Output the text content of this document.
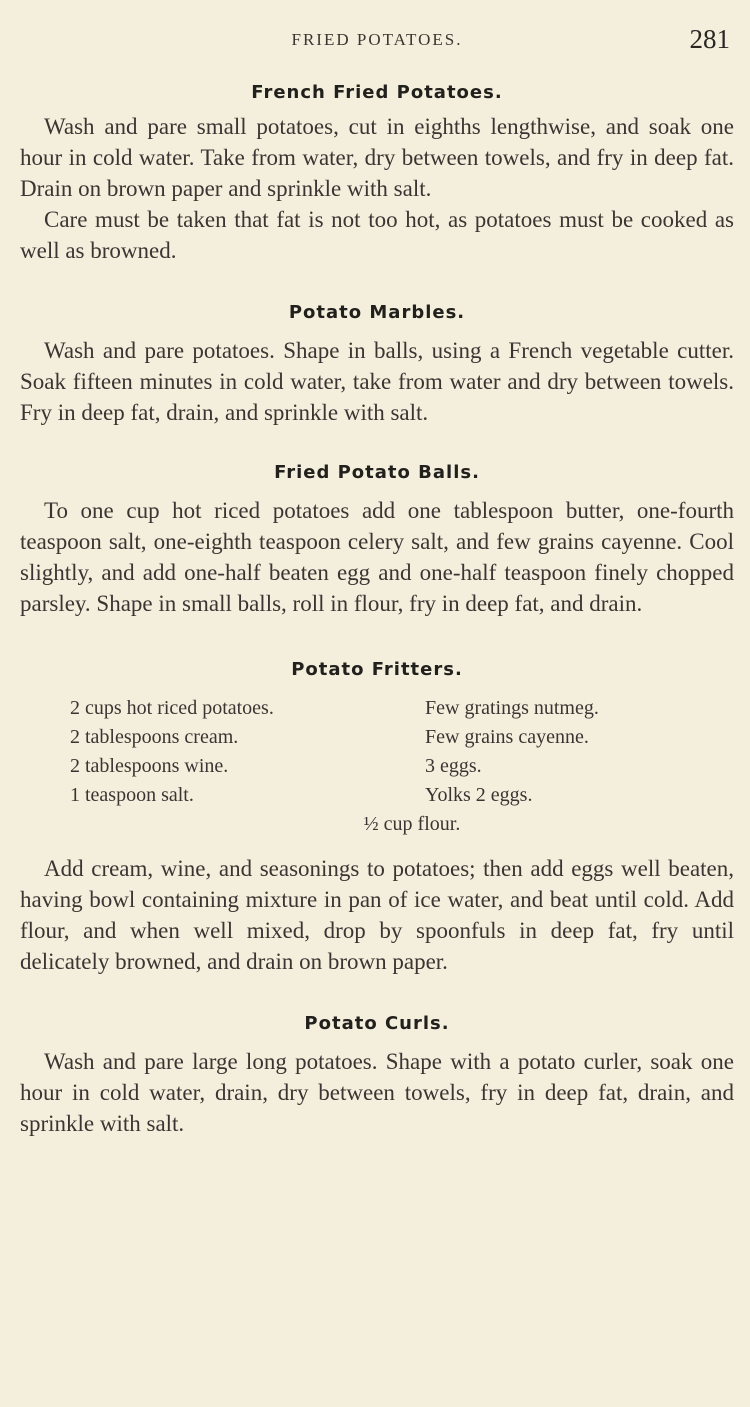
FRIED POTATOES.	281
French Fried Potatoes.

Wash and pare small potatoes, cut in eighths lengthwise, and soak one hour in cold water. Take from water, dry between towels, and fry in deep fat. Drain on brown paper and sprinkle with salt.

Care must be taken that fat is not too hot, as potatoes must be cooked as well as browned.

Potato Marbles.

Wash and pare potatoes. Shape in balls, using a French vegetable cutter. Soak fifteen minutes in cold water, take from water and dry between towels. Fry in deep fat, drain, and sprinkle with salt.

Fried Potato Balls.

To one cup hot riced potatoes add one tablespoon butter, one-fourth teaspoon salt, one-eighth teaspoon celery salt, and few grains cayenne. Cool slightly, and add one-half beaten egg and one-half teaspoon finely chopped parsley. Shape in small balls, roll in flour, fry in deep fat, and drain.

Potato Fritters.
2 cups hot riced potatoes.
2 tablespoons cream.
2 tablespoons wine.
1 teaspoon salt.
Few gratings nutmeg.
Few grains cayenne.
3 eggs.
Yolks 2 eggs.
½ cup flour.

Add cream, wine, and seasonings to potatoes; then add eggs well beaten, having bowl containing mixture in pan of ice water, and beat until cold. Add flour, and when well mixed, drop by spoonfuls in deep fat, fry until delicately browned, and drain on brown paper.

Potato Curls.

Wash and pare large long potatoes. Shape with a potato curler, soak one hour in cold water, drain, dry between towels, fry in deep fat, drain, and sprinkle with salt.
